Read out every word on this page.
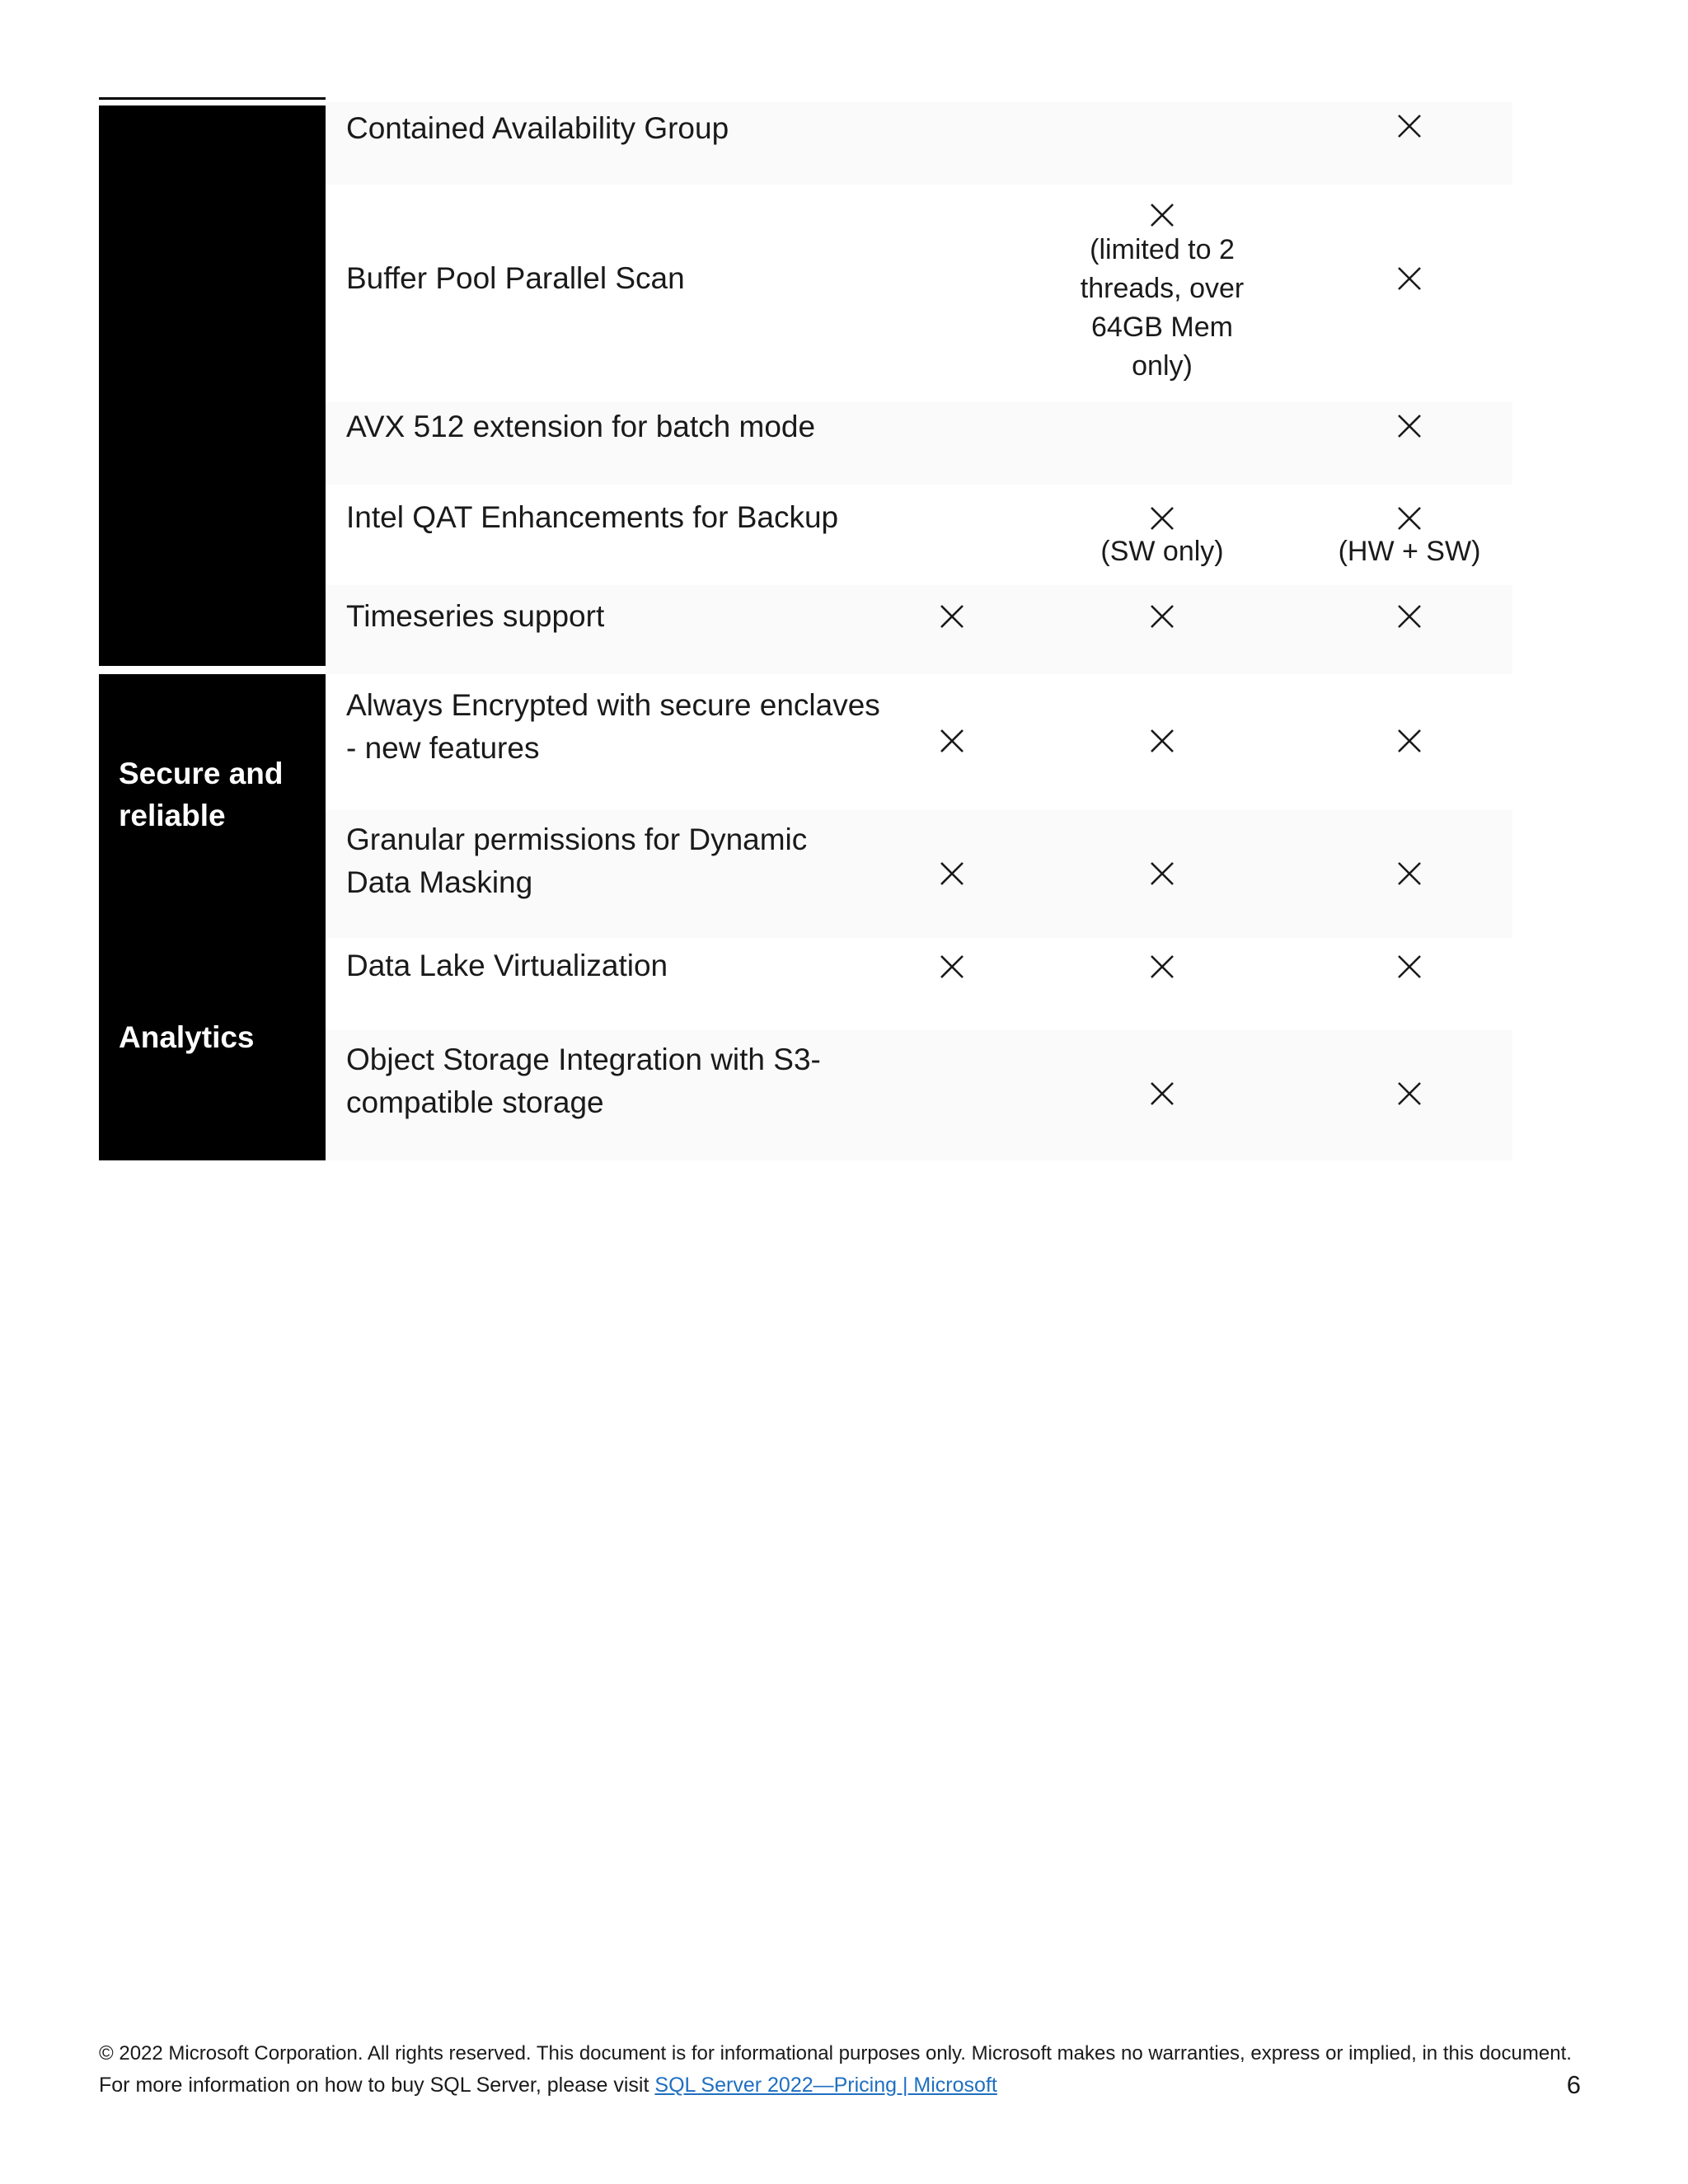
Secure and reliable
Analytics
Contained Availability Group
Buffer Pool Parallel Scan
(limited to 2 threads, over 64GB Mem only)
AVX 512 extension for batch mode
Intel QAT Enhancements for Backup
(SW only)	(HW + SW)
Timeseries support
Always Encrypted with secure enclaves - new features
Granular permissions for Dynamic Data Masking
Data Lake Virtualization
Object Storage Integration with S3-compatible storage
© 2022 Microsoft Corporation. All rights reserved. This document is for informational purposes only. Microsoft makes no warranties, express or implied, in this document.
For more information on how to buy SQL Server, please visit SQL Server 2022—Pricing | Microsoft	6
